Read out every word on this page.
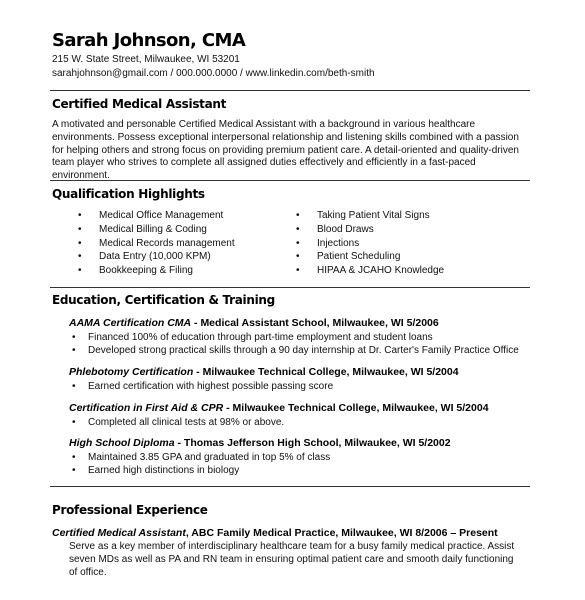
Sarah Johnson, CMA
215 W. State Street, Milwaukee, WI 53201
sarahjohnson@gmail.com / 000.000.0000 / www.linkedin.com/beth-smith
Certified Medical Assistant
A motivated and personable Certified Medical Assistant with a background in various healthcare environments. Possess exceptional interpersonal relationship and listening skills combined with a passion for helping others and strong focus on providing premium patient care. A detail-oriented and quality-driven team player who strives to complete all assigned duties effectively and efficiently in a fast-paced environment.
Qualification Highlights
• Medical Office Management
• Medical Billing & Coding
• Medical Records management
• Data Entry (10,000 KPM)
• Bookkeeping & Filing
• Taking Patient Vital Signs
• Blood Draws
• Injections
• Patient Scheduling
• HIPAA & JCAHO Knowledge
Education, Certification & Training
AAMA Certification CMA - Medical Assistant School, Milwaukee, WI 5/2006
• Financed 100% of education through part-time employment and student loans
• Developed strong practical skills through a 90 day internship at Dr. Carter's Family Practice Office
Phlebotomy Certification - Milwaukee Technical College, Milwaukee, WI 5/2004
• Earned certification with highest possible passing score
Certification in First Aid & CPR - Milwaukee Technical College, Milwaukee, WI 5/2004
• Completed all clinical tests at 98% or above.
High School Diploma - Thomas Jefferson High School, Milwaukee, WI 5/2002
• Maintained 3.85 GPA and graduated in top 5% of class
• Earned high distinctions in biology
Professional Experience
Certified Medical Assistant, ABC Family Medical Practice, Milwaukee, WI 8/2006 – Present
Serve as a key member of interdisciplinary healthcare team for a busy family medical practice. Assist seven MDs as well as PA and RN team in ensuring optimal patient care and smooth daily functioning of office.
